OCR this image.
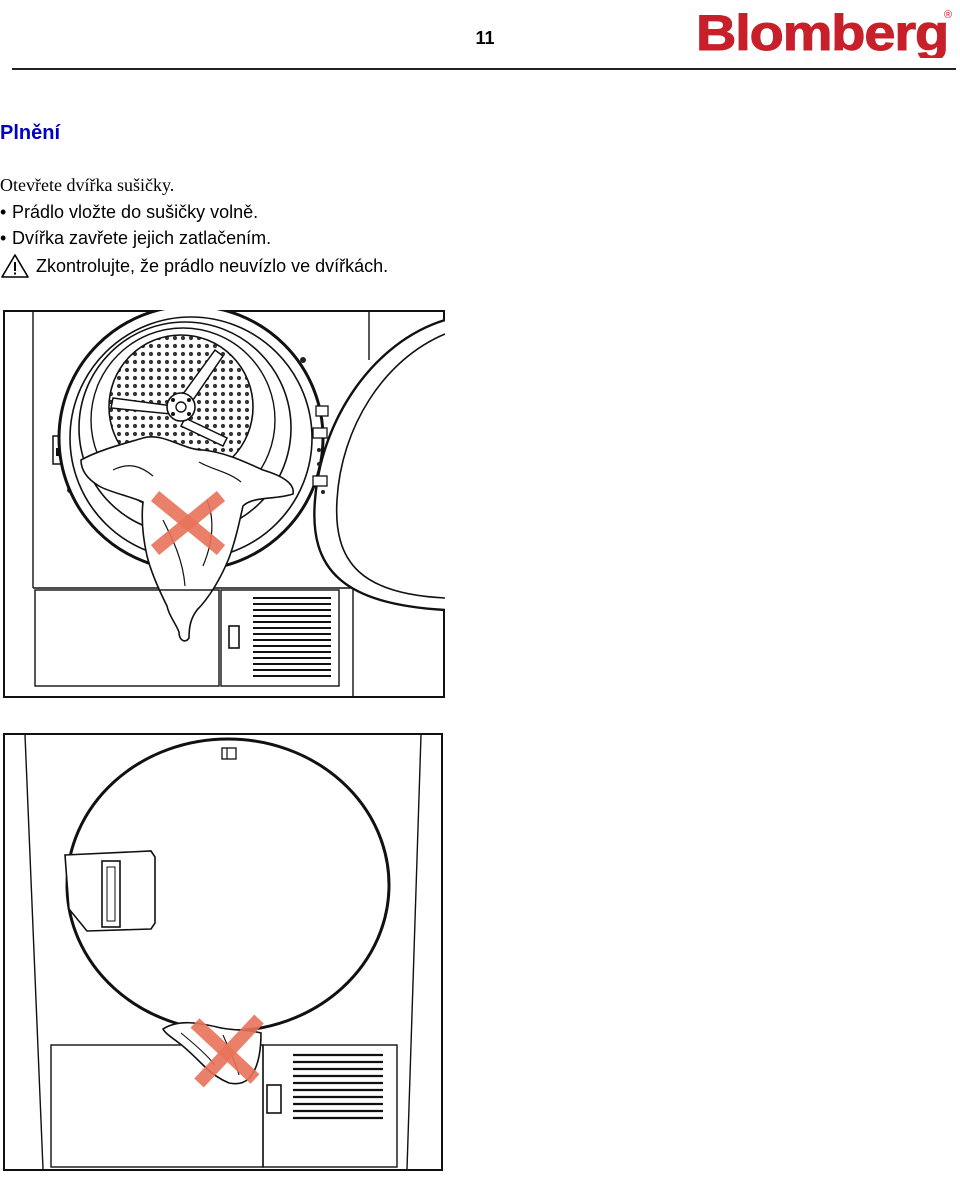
11	Blomberg
®
Plnění

Otevřete dvířka sušičky.

• Prádlo vložte do sušičky volně.

• Dvířka zavřete jejich zatlačením.

Zkontrolujte, že prádlo neuvízlo ve dvířkách.
